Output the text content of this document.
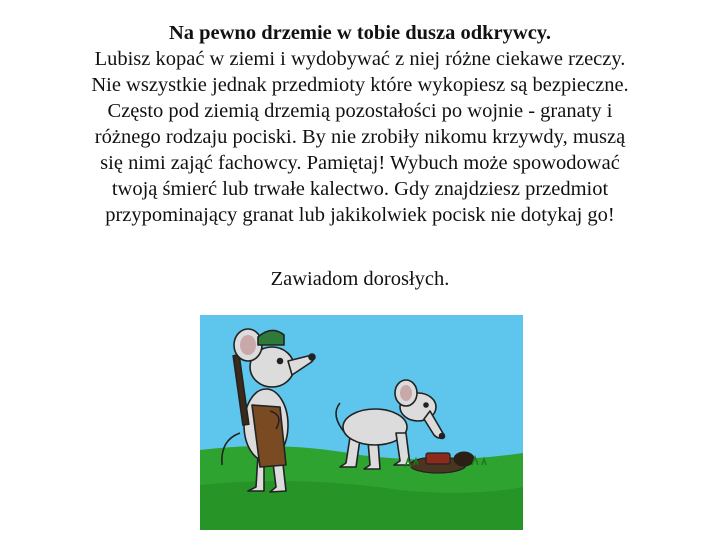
Na pewno drzemie w tobie dusza odkrywcy.
Lubisz kopać w ziemi i wydobywać z niej różne ciekawe rzeczy.
Nie wszystkie jednak przedmioty które wykopiesz są bezpieczne.
Często pod ziemią drzemią pozostałości po wojnie - granaty i
różnego rodzaju pociski. By nie zrobiły nikomu krzywdy, muszą
się nimi zająć fachowcy. Pamiętaj! Wybuch może spowodować
twoją śmierć lub trwałe kalectwo. Gdy znajdziesz przedmiot
przypominający granat lub jakikolwiek pocisk nie dotykaj go!
Zawiadom dorosłych.
